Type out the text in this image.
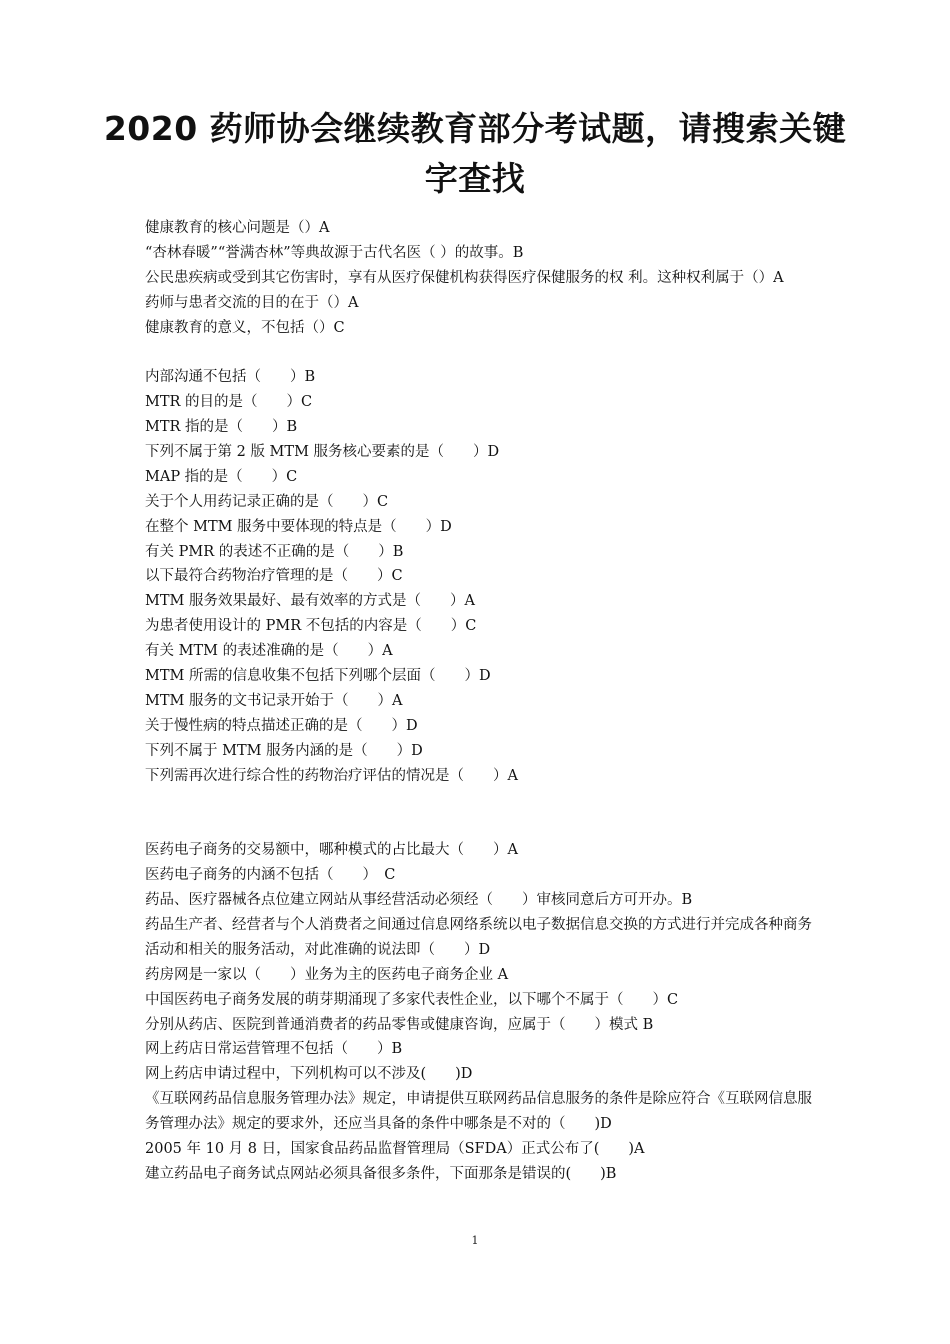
2020 药师协会继续教育部分考试题，请搜索关键字查找
健康教育的核心问题是（）A
“杏林春暖”“誉满杏林”等典故源于古代名医（ ）的故事。B
公民患疾病或受到其它伤害时，享有从医疗保健机构获得医疗保健服务的权 利。这种权利属于（）A
药师与患者交流的目的在于（）A
健康教育的意义，不包括（）C
内部沟通不包括（　　）B
MTR 的目的是（　　）C
MTR 指的是（　　）B
下列不属于第 2 版 MTM 服务核心要素的是（　　）D
MAP 指的是（　　）C
关于个人用药记录正确的是（　　）C
在整个 MTM 服务中要体现的特点是（　　）D
有关 PMR 的表述不正确的是（　　）B
以下最符合药物治疗管理的是（　　）C
MTM 服务效果最好、最有效率的方式是（　　）A
为患者使用设计的 PMR 不包括的内容是（　　）C
有关 MTM 的表述准确的是（　　）A
MTM 所需的信息收集不包括下列哪个层面（　　）D
MTM 服务的文书记录开始于（　　）A
关于慢性病的特点描述正确的是（　　）D
下列不属于 MTM 服务内涵的是（　　）D
下列需再次进行综合性的药物治疗评估的情况是（　　）A
医药电子商务的交易额中，哪种模式的占比最大（　　）A
医药电子商务的内涵不包括（　　）　C
药品、医疗器械各点位建立网站从事经营活动必须经（　　）审核同意后方可开办。B
药品生产者、经营者与个人消费者之间通过信息网络系统以电子数据信息交换的方式进行并完成各种商务活动和相关的服务活动，对此准确的说法即（　　）D
药房网是一家以（　　）业务为主的医药电子商务企业 A
中国医药电子商务发展的萌芽期涌现了多家代表性企业，以下哪个不属于（　　）C
分别从药店、医院到普通消费者的药品零售或健康咨询，应属于（　　）模式 B
网上药店日常运营管理不包括（　　）B
网上药店申请过程中，下列机构可以不涉及(　　)D
《互联网药品信息服务管理办法》规定，申请提供互联网药品信息服务的条件是除应符合《互联网信息服务管理办法》规定的要求外，还应当具备的条件中哪条是不对的（　　)D
2005 年 10 月 8 日，国家食品药品监督管理局（SFDA）正式公布了(　　)A
建立药品电子商务试点网站必须具备很多条件，下面那条是错误的(　　)B
1
